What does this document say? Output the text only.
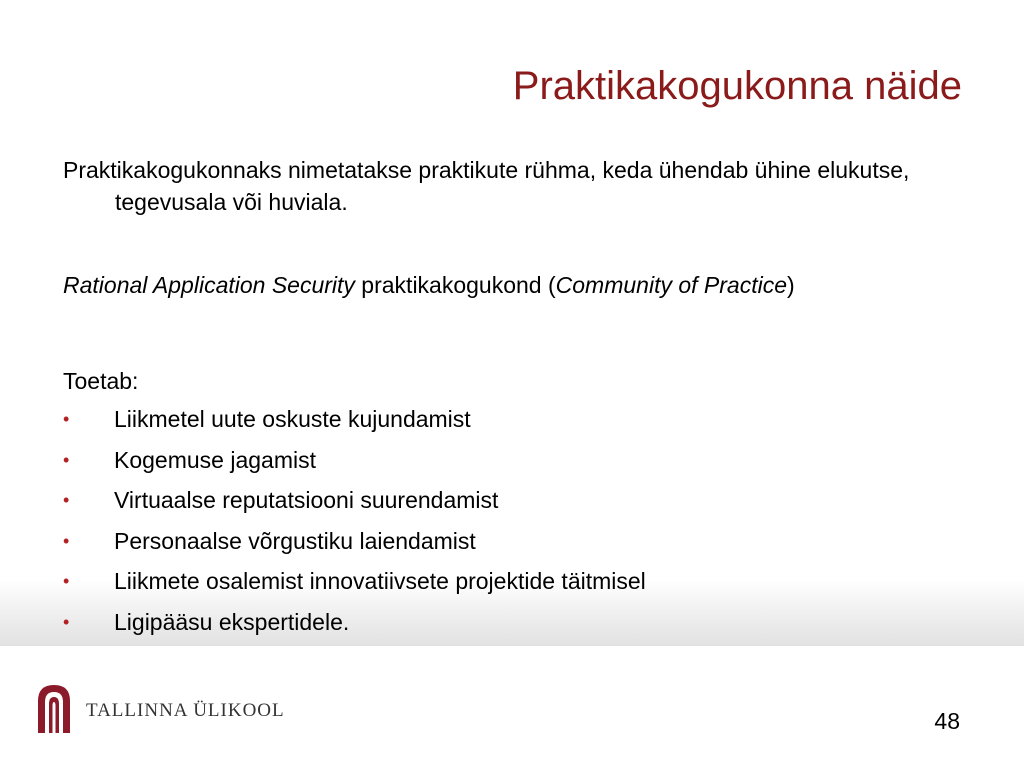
Praktikakogukonna näide

Praktikakogukonnaks nimetatakse praktikute rühma, keda ühendab ühine elukutse, tegevusala või huviala.

Rational Application Security praktikakogukond (Community of Practice)

Toetab:

• Liikmetel uute oskuste kujundamist
• Kogemuse jagamist
• Virtuaalse reputatsiooni suurendamist
• Personaalse võrgustiku laiendamist
• Liikmete osalemist innovatiivsete projektide täitmisel
• Ligipääsu ekspertidele.
TALLINNA ÜLIKOOL	48
